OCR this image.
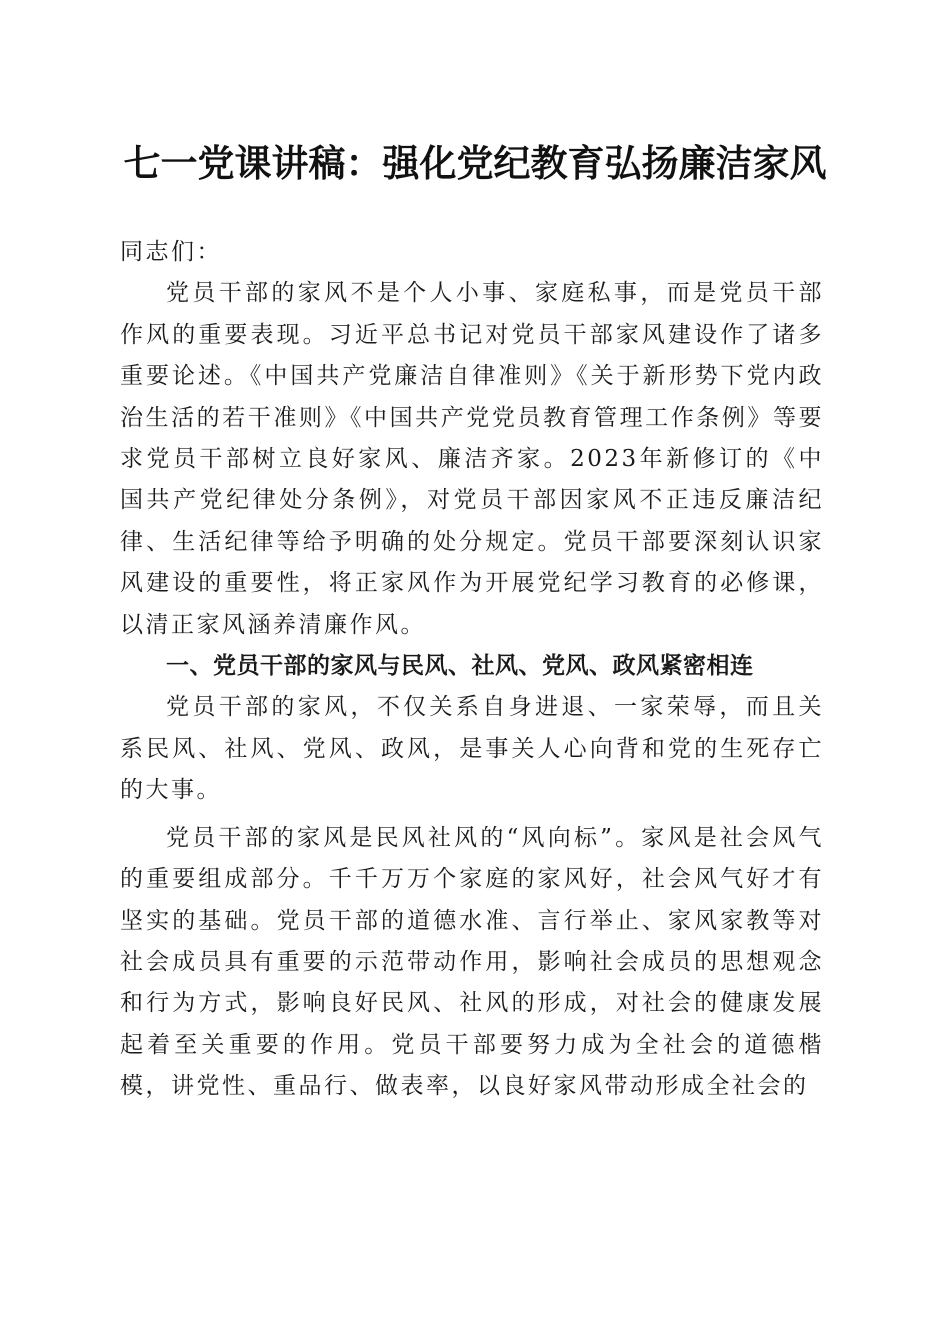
七一党课讲稿：强化党纪教育弘扬廉洁家风

同志们：

党员干部的家风不是个人小事、家庭私事，而是党员干部作风的重要表现。习近平总书记对党员干部家风建设作了诸多重要论述。《中国共产党廉洁自律准则》《关于新形势下党内政治生活的若干准则》《中国共产党党员教育管理工作条例》等要求党员干部树立良好家风、廉洁齐家。2023年新修订的《中国共产党纪律处分条例》，对党员干部因家风不正违反廉洁纪律、生活纪律等给予明确的处分规定。党员干部要深刻认识家风建设的重要性，将正家风作为开展党纪学习教育的必修课，以清正家风涵养清廉作风。

一、党员干部的家风与民风、社风、党风、政风紧密相连

党员干部的家风，不仅关系自身进退、一家荣辱，而且关系民风、社风、党风、政风，是事关人心向背和党的生死存亡的大事。

党员干部的家风是民风社风的“风向标”。家风是社会风气的重要组成部分。千千万万个家庭的家风好，社会风气好才有坚实的基础。党员干部的道德水准、言行举止、家风家教等对社会成员具有重要的示范带动作用，影响社会成员的思想观念和行为方式，影响良好民风、社风的形成，对社会的健康发展起着至关重要的作用。党员干部要努力成为全社会的道德楷模，讲党性、重品行、做表率，以良好家风带动形成全社会的
